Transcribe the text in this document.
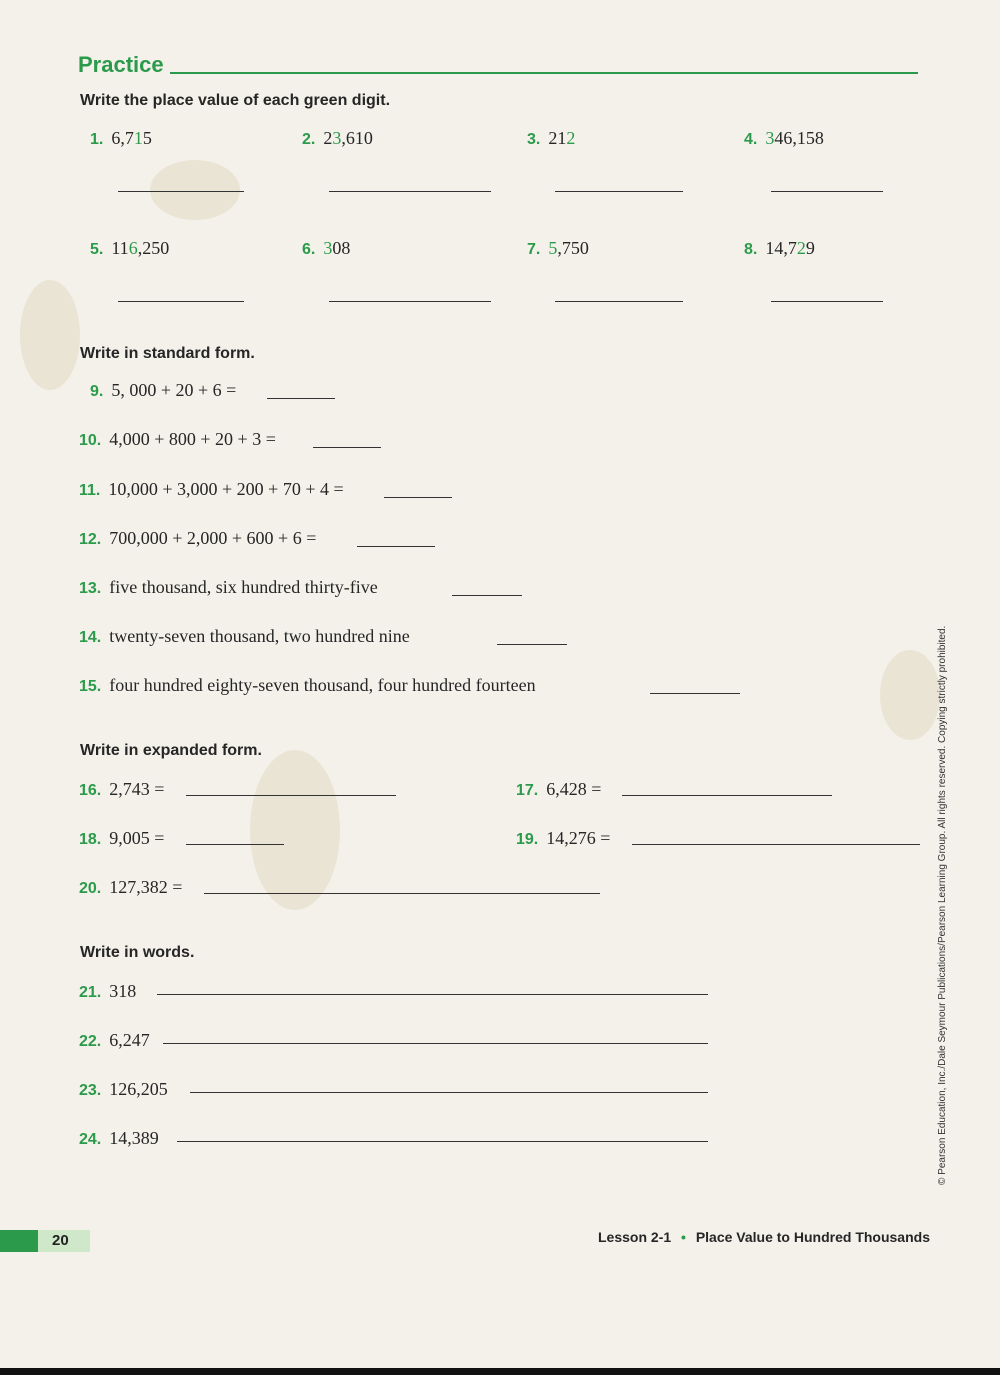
Practice
Write the place value of each green digit.
1. 6,715	2. 23,610	3. 212	4. 346,158
5. 116,250	6. 308	7. 5,750	8. 14,729
Write in standard form.
9. 5, 000 + 20 + 6 =
10. 4,000 + 800 + 20 + 3 =
11. 10,000 + 3,000 + 200 + 70 + 4 =
12. 700,000 + 2,000 + 600 + 6 =
13. five thousand, six hundred thirty-five
14. twenty-seven thousand, two hundred nine
15. four hundred eighty-seven thousand, four hundred fourteen
Write in expanded form.
16. 2,743 =	17. 6,428 =
18. 9,005 =	19. 14,276 =
20. 127,382 =
Write in words.
21. 318
22. 6,247
23. 126,205
24. 14,389
20	Lesson 2-1 • Place Value to Hundred Thousands
© Pearson Education, Inc./Dale Seymour Publications/Pearson Learning Group. All rights reserved. Copying strictly prohibited.
